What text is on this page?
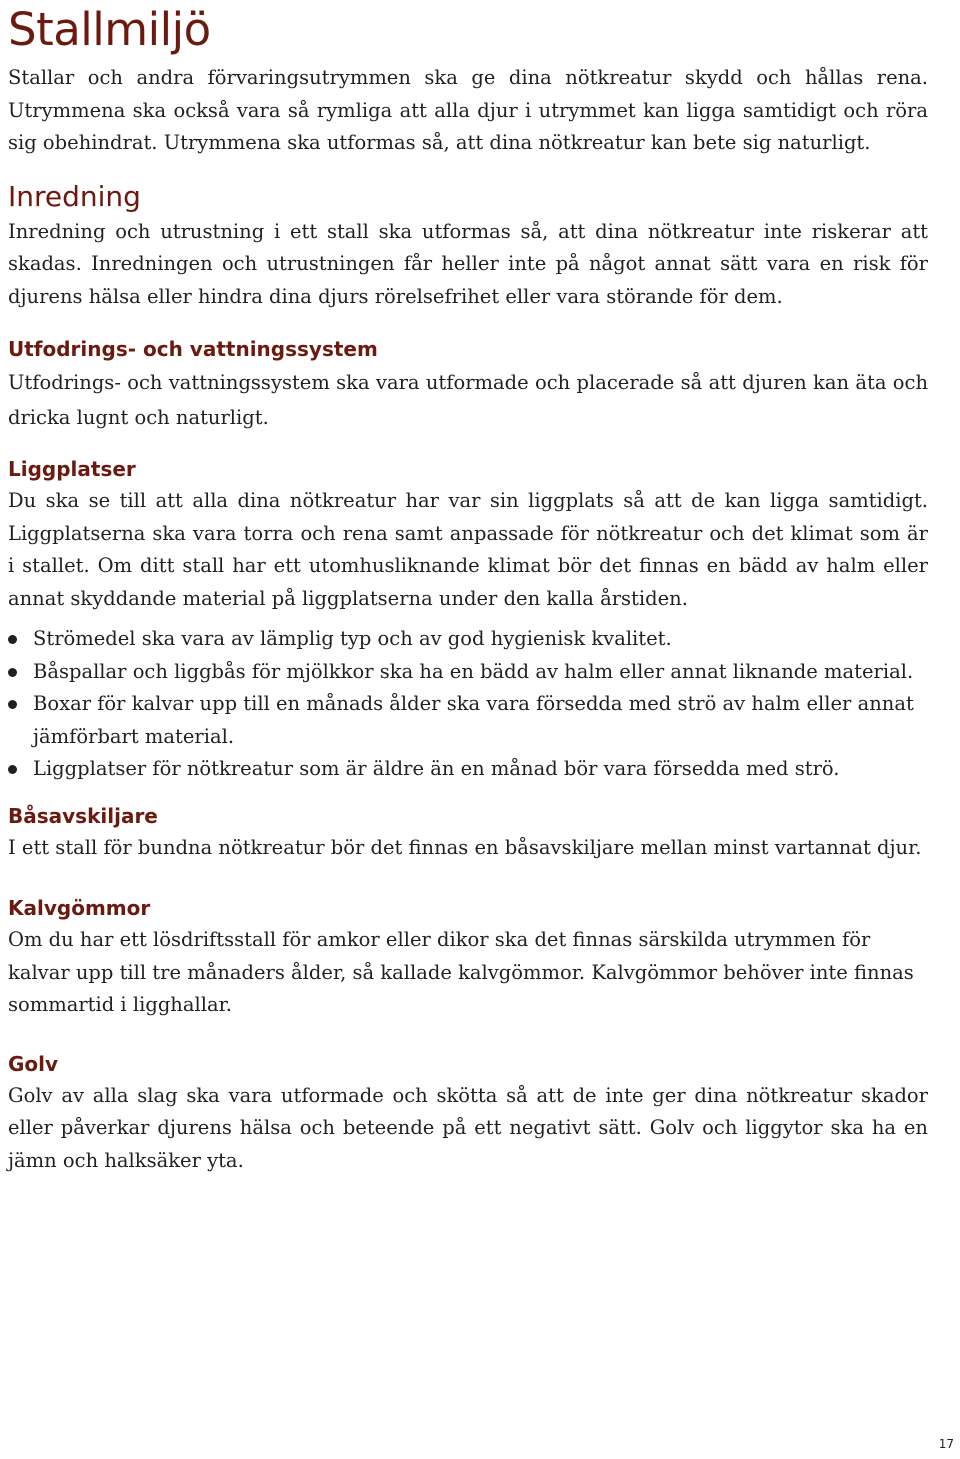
Stallmiljö

Stallar och andra förvaringsutrymmen ska ge dina nötkreatur skydd och hållas rena. Utrymmena ska också vara så rymliga att alla djur i utrymmet kan ligga samtidigt och röra sig obehindrat. Utrymmena ska utformas så, att dina nötkreatur kan bete sig naturligt.

Inredning

Inredning och utrustning i ett stall ska utformas så, att dina nötkreatur inte riskerar att skadas. Inredningen och utrustningen får heller inte på något annat sätt vara en risk för djurens hälsa eller hindra dina djurs rörelsefrihet eller vara störande för dem.

Utfodrings- och vattningssystem

Utfodrings- och vattningssystem ska vara utformade och placerade så att djuren kan äta och dricka lugnt och naturligt.

Liggplatser

Du ska se till att alla dina nötkreatur har var sin liggplats så att de kan ligga samtidigt. Liggplatserna ska vara torra och rena samt anpassade för nötkreatur och det klimat som är i stallet. Om ditt stall har ett utomhusliknande klimat bör det finnas en bädd av halm eller annat skyddande material på liggplatserna under den kalla årstiden.

Strömedel ska vara av lämplig typ och av god hygienisk kvalitet.
Båspallar och liggbås för mjölkkor ska ha en bädd av halm eller annat liknande material.
Boxar för kalvar upp till en månads ålder ska vara försedda med strö av halm eller annat jämförbart material.
Liggplatser för nötkreatur som är äldre än en månad bör vara försedda med strö.
Båsavskiljare

I ett stall för bundna nötkreatur bör det finnas en båsavskiljare mellan minst vartannat djur.

Kalvgömmor

Om du har ett lösdriftsstall för amkor eller dikor ska det finnas särskilda utrymmen för kalvar upp till tre månaders ålder, så kallade kalvgömmor. Kalvgömmor behöver inte finnas sommartid i ligghallar.

Golv

Golv av alla slag ska vara utformade och skötta så att de inte ger dina nötkreatur skador eller påverkar djurens hälsa och beteende på ett negativt sätt. Golv och liggytor ska ha en jämn och halksäker yta.

17
